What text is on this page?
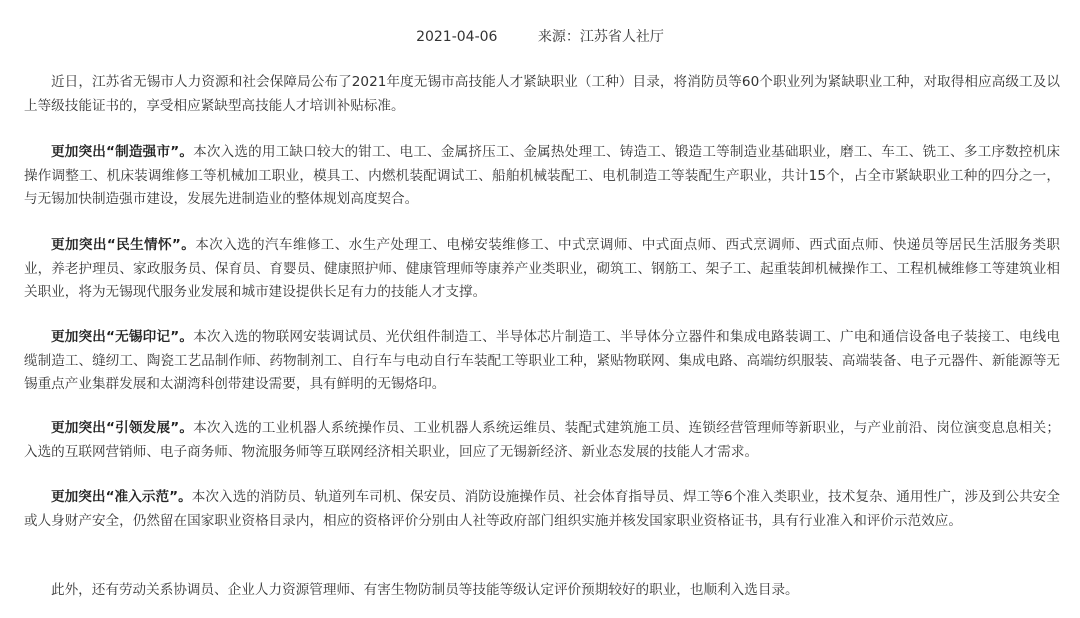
2021-04-06	来源：江苏省人社厅

近日，江苏省无锡市人力资源和社会保障局公布了2021年度无锡市高技能人才紧缺职业（工种）目录，将消防员等60个职业列为紧缺职业工种，对取得相应高级工及以上等级技能证书的，享受相应紧缺型高技能人才培训补贴标准。

更加突出“制造强市”。本次入选的用工缺口较大的钳工、电工、金属挤压工、金属热处理工、铸造工、锻造工等制造业基础职业，磨工、车工、铣工、多工序数控机床操作调整工、机床装调维修工等机械加工职业，模具工、内燃机装配调试工、船舶机械装配工、电机制造工等装配生产职业，共计15个，占全市紧缺职业工种的四分之一，与无锡加快制造强市建设，发展先进制造业的整体规划高度契合。

更加突出“民生情怀”。本次入选的汽车维修工、水生产处理工、电梯安装维修工、中式烹调师、中式面点师、西式烹调师、西式面点师、快递员等居民生活服务类职业，养老护理员、家政服务员、保育员、育婴员、健康照护师、健康管理师等康养产业类职业，砌筑工、钢筋工、架子工、起重装卸机械操作工、工程机械维修工等建筑业相关职业，将为无锡现代服务业发展和城市建设提供长足有力的技能人才支撑。

更加突出“无锡印记”。本次入选的物联网安装调试员、光伏组件制造工、半导体芯片制造工、半导体分立器件和集成电路装调工、广电和通信设备电子装接工、电线电缆制造工、缝纫工、陶瓷工艺品制作师、药物制剂工、自行车与电动自行车装配工等职业工种，紧贴物联网、集成电路、高端纺织服装、高端装备、电子元器件、新能源等无锡重点产业集群发展和太湖湾科创带建设需要，具有鲜明的无锡烙印。

更加突出“引领发展”。本次入选的工业机器人系统操作员、工业机器人系统运维员、装配式建筑施工员、连锁经营管理师等新职业，与产业前沿、岗位演变息息相关；入选的互联网营销师、电子商务师、物流服务师等互联网经济相关职业，回应了无锡新经济、新业态发展的技能人才需求。

更加突出“准入示范”。本次入选的消防员、轨道列车司机、保安员、消防设施操作员、社会体育指导员、焊工等6个准入类职业，技术复杂、通用性广，涉及到公共安全或人身财产安全，仍然留在国家职业资格目录内，相应的资格评价分别由人社等政府部门组织实施并核发国家职业资格证书，具有行业准入和评价示范效应。

此外，还有劳动关系协调员、企业人力资源管理师、有害生物防制员等技能等级认定评价预期较好的职业，也顺利入选目录。
